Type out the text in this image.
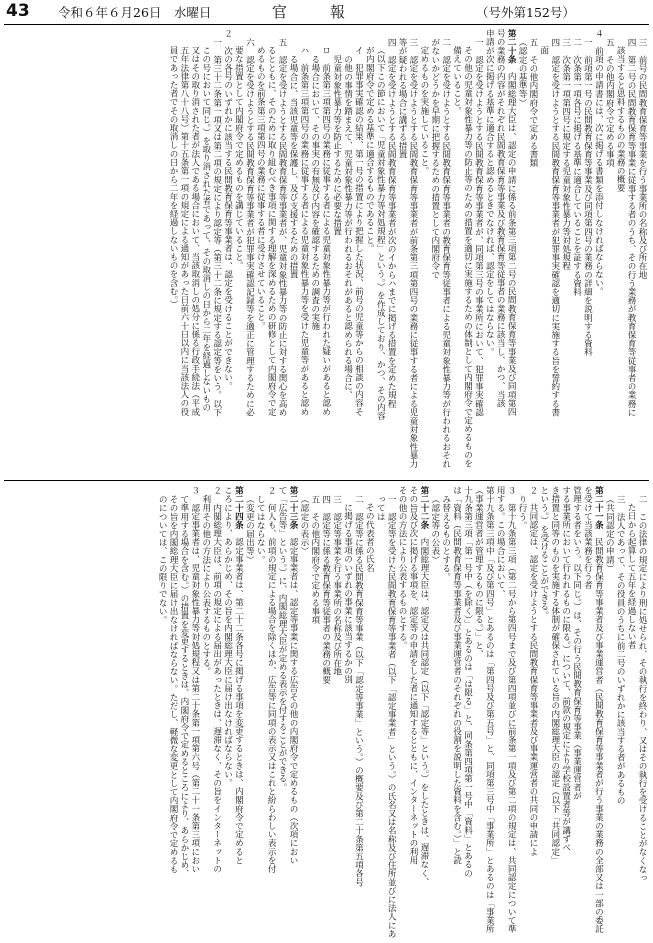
43 令和６年６月26日　水曜日	官　報	（号外第152号）
三　前号の民間教育保育等事業を行う事業所の名称及び所在地
四　第二号の民間教育保育等事業に従事する者のうち、その行う業務が教育保育等従事者の業務に
該当すると思料するものの業務の概要
五　その他内閣府令で定める事項
４　前項の申請書には、次に掲げる書類を添付しなければならない。
一　前項第一号の民間教育保育等事業及び同項第四号の業務の詳細を説明する資料
二　次条第一項各号に掲げる基準に適合していることを証する資料
三　次条第一項第四号に規定する児童対象性暴力等対処規程
四　認定を受けようとする民間教育保育等事業者が犯罪事実確認を適切に実施する旨を誓約する書
面
五　その他内閣府令で定める書類
（認定の基準等）
第二十条　内閣総理大臣は、認定の申請に係る前条第三項第二号の民間教育保育等事業及び同項第四
号の業務の内容がそれぞれ民間教育保育等事業及び教育保育等従事者の業務に該当し、かつ、当該
申請が次に掲げる基準に適合すると認めるときでなければ、認定をしてはならない。
一　認定を受けようとする民間教育保育等事業者が、同項第三号の事業所において、犯罪事実確認
その他の児童対象性暴力等の防止等のための措置を適切に実施するための体制として内閣府令で定めるものを備えていること。
二　認定を受けようとする民間教育保育等事業者の教育保育等従事者による児童対象性暴力等が行われるおそれがないかどうかを早期に把握するための措置として内閣府令で
定めるものを実施していること。
三　認定を受けようとする民間教育保育等事業者が前条第三項第四号の業務に従事する者による児童対象性暴力等が疑われる場合に講ずる措置
四　認定を受けようとする民間教育保育等事業者が次のイからハまでに掲げる措置を定めた規程
（以下この節において「児童対象性暴力等対処規程」という。）を作成しており、かつ、その内容
が内閣府令で定める基準に適合するものであること。
イ　犯罪事実確認の結果、第一号の措置により把握した状況、前号の児童等からの相談の内容そ
の他の事情を踏まえて、児童対象性暴力等が行われるおそれがあると認められる場合に、
児童対象性暴力等を防止するために必要な措置
ロ　前条第三項第四号の業務に従事する者による児童対象性暴力等が行われた疑いがあると認め
る場合において、その事実の有無及び内容を確認するための調査の実施
ハ　前条第三項第四号の業務に従事する者による児童対象性暴力等を受けた児童等があると認め
る場合に、当該児童等を保護し、及び支援するための措置
五　認定を受けようとする民間教育保育等事業者が、児童対象性暴力等の防止に対する関心を高め
るとともに、そのために取り組むべき事項に関する理解を深めるための研修として内閣府令で定
めるものを前条第三項第四号の業務に従事する者に受けさせていること。
六　認定を受けようとする民間教育保育等事業者が犯罪事実確認記録等を適正に管理するために必
要な措置として内閣府令で定めるものを講じていること。
２　次の各号のいずれかに該当する民間教育保育等事業者は、認定を受けることができない。
一　第三十二条第一項又は第二項の規定により認定等（第三十二条に規定する認定等をいう。以下
この号において同じ。）を取り消された者であって、その取消しの日から二年を経過しないもの
又はその取り消された者が法人である場合において、当該取消しの処分に係る行政手続法（平成
五年法律第八十八号）第十五条第一項の規定による通知があった日前六十日以内に当該法人の役
員であった者でその取消しの日から二年を経過しないものを含む。）
二　この法律の規定により刑に処せられ、その執行を終わり、又はその執行を受けることがなくなっ
た日から起算して五年を経過しない者
三　法人であって、その役員のうちに前二号のいずれかに該当する者があるもの
（共同認定の申請）
第二十一条　民間教育保育等事業者及び事業運営者（民間教育保育等事業者が行う事業の業務の全部又は一部の委託を受けて当該業務を行う者
管理する者をいう。以下同じ。）は、その行う民間教育保育等事業（事業運営者が
する事業所において行われるものに限る。）について、前款の規定により学校設置者等が講ずべ
き措置と同等のものを実施する体制が確保されている旨の内閣総理大臣の認定（以下「共同認定」
という。）を受けることができる。
２　共同認定は、認定を受けようとする民間教育保育等事業者及び事業運営者の共同の申請によ
り行う。
３　第十九条第三項（第二号から第四号まで及び第四項並びに前条第一項及び第二項の規定は、共同認定について準用する。この場合において、
第十九条第三項中「及び第四号」とあるのは「第四号及び第五号」と、同項第三号中「事業所」とあるのは「事業所（事業運営者が管理するものに限る。）」と、
十九条第三項「第一号中（を除く）」とあるのは「は限る」と、同条第四項第一号中「資料」とあるの
は「資料（民間教育保育等事業者及び事業運営者のそれぞれの役割を説明した資料を含む。）」と読
み替えるものとする。
（認定等の公表）
第二十二条　内閣総理大臣は、認定又は共同認定（以下「認定等」という。）をしたときは、遅滞なく、
その旨及び次に掲げる事項を、認定等の申請をした者に通知するとともに、インターネットの利用
その他の方法により公表するものとする。
一　認定等を受けた民間教育保育等事業者（以下「認定事業者」という。）の氏名又は名称及び住所並びに法人にあっては
その代表者の氏名
二　認定等に係る民間教育保育等事業（以下「認定等事業」という。）の概要及び第二十条第五項各号
に掲げる事項のいずれの事業に該当するかの別
三　認定等事業を行う事業所の名称及び所在地
四　認定等に係る教育保育等従事者の業務の概要
五　その他内閣府令で定める事項
（認定の表示）
第二十三条　認定事業者は、認定等事業に関する広告その他の内閣府令で定めるもの（次項におい
て「広告等」という。）に、内閣総理大臣が定める表示を付することができる。
２　何人も、前項の規定による場合を除くほか、広告等に同項の表示又はこれと紛らわしい表示を付
してはならない。
（変更の届出等）
第二十四条　認定事業者は、第二十二条各号に掲げる事項を変更するときは、内閣府令で定めると
ころにより、あらかじめ、その旨を内閣総理大臣に届け出なければならない。
２　内閣総理大臣は、前項の規定による届出があったときは、遅滞なく、その旨をインターネットの
利用その他の方法により公表するものとする。
３　認定事業者は、児童対象性暴力等対処規程又は第二十条第一項第六号（第二十一条第三項におい
て準用する場合を含む。）の措置を変更するときは、内閣府令で定めるところにより、あらかじめ、
その旨を内閣総理大臣に届け出なければならない。ただし、軽微な変更として内閣府令で定めるも
のについては、この限りでない。
